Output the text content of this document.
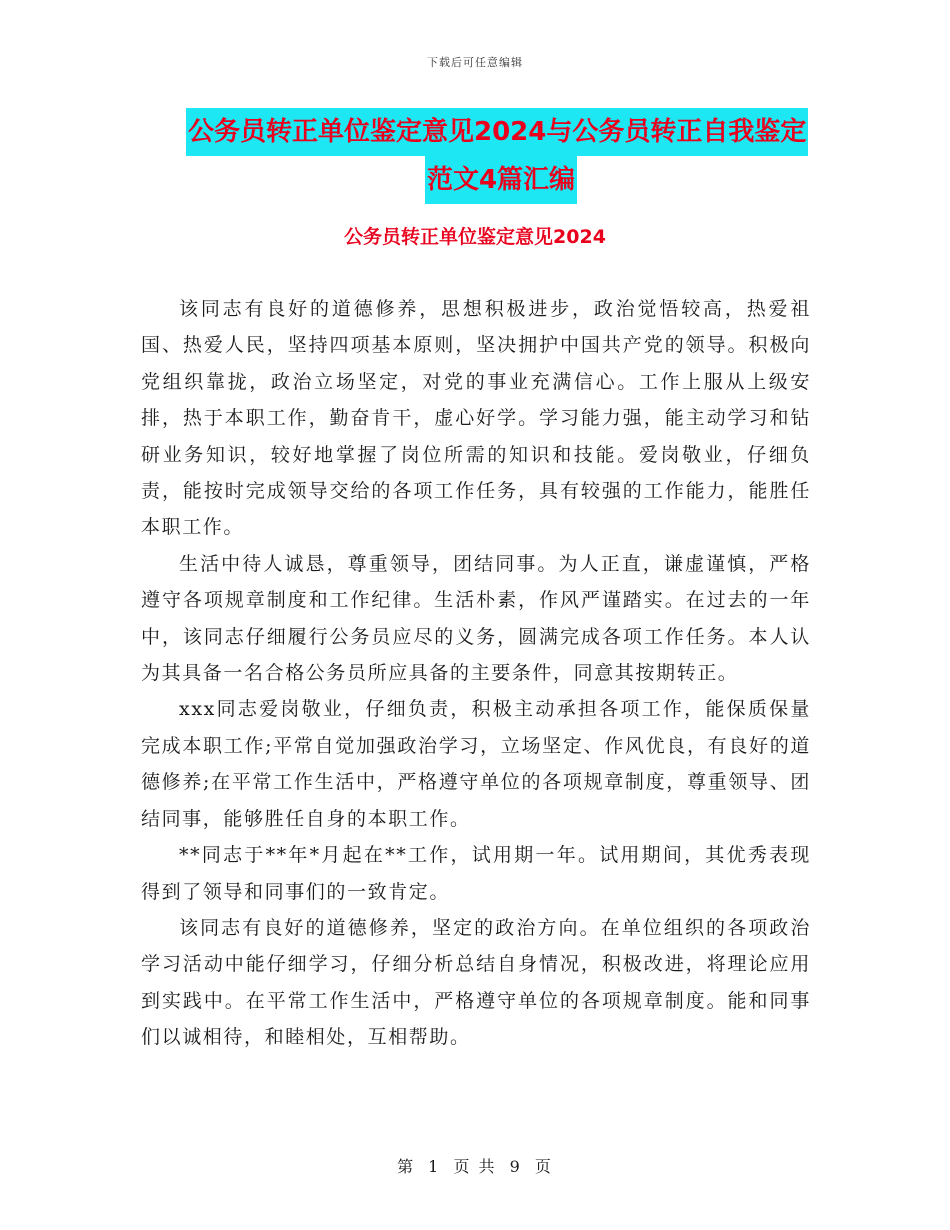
下载后可任意编辑
公务员转正单位鉴定意见2024与公务员转正自我鉴定
范文4篇汇编
公务员转正单位鉴定意见2024

该同志有良好的道德修养，思想积极进步，政治觉悟较高，热爱祖国、热爱人民，坚持四项基本原则，坚决拥护中国共产党的领导。积极向党组织靠拢，政治立场坚定，对党的事业充满信心。工作上服从上级安排，热于本职工作，勤奋肯干，虚心好学。学习能力强，能主动学习和钻研业务知识，较好地掌握了岗位所需的知识和技能。爱岗敬业，仔细负责，能按时完成领导交给的各项工作任务，具有较强的工作能力，能胜任本职工作。

生活中待人诚恳，尊重领导，团结同事。为人正直，谦虚谨慎，严格遵守各项规章制度和工作纪律。生活朴素，作风严谨踏实。在过去的一年中，该同志仔细履行公务员应尽的义务，圆满完成各项工作任务。本人认为其具备一名合格公务员所应具备的主要条件，同意其按期转正。

xxx同志爱岗敬业，仔细负责，积极主动承担各项工作，能保质保量完成本职工作;平常自觉加强政治学习，立场坚定、作风优良，有良好的道德修养;在平常工作生活中，严格遵守单位的各项规章制度，尊重领导、团结同事，能够胜任自身的本职工作。

**同志于**年*月起在**工作，试用期一年。试用期间，其优秀表现得到了领导和同事们的一致肯定。

该同志有良好的道德修养，坚定的政治方向。在单位组织的各项政治学习活动中能仔细学习，仔细分析总结自身情况，积极改进，将理论应用到实践中。在平常工作生活中，严格遵守单位的各项规章制度。能和同事们以诚相待，和睦相处，互相帮助。

第 1 页 共 9 页
